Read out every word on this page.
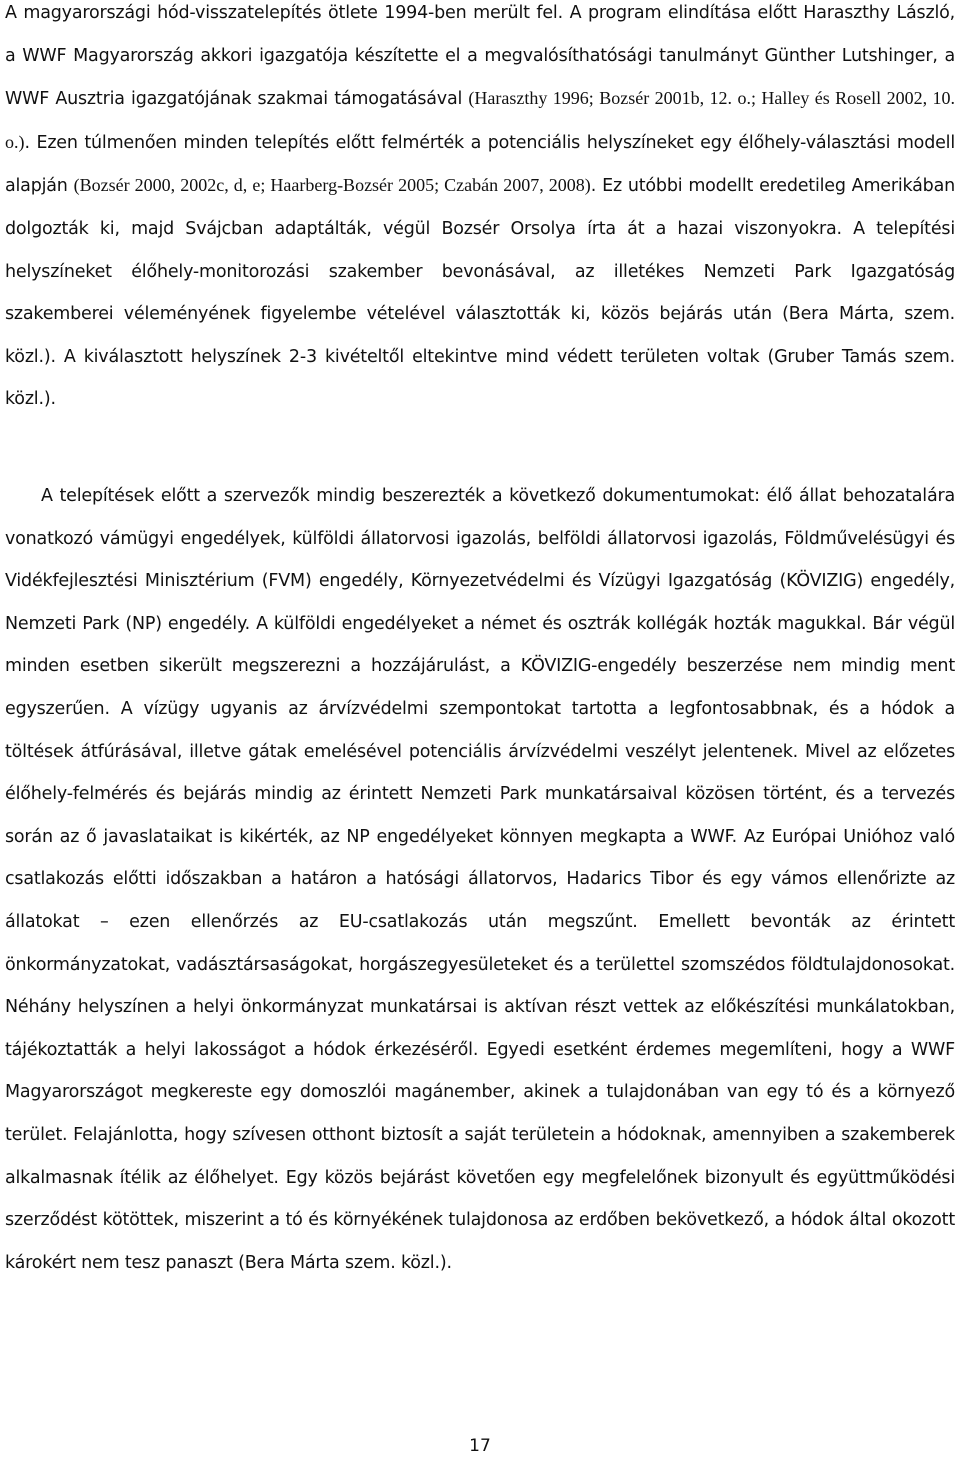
A magyarországi hód-visszatelepítés ötlete 1994-ben merült fel. A program elindítása előtt Haraszthy László, a WWF Magyarország akkori igazgatója készítette el a megvalósíthatósági tanulmányt Günther Lutshinger, a WWF Ausztria igazgatójának szakmai támogatásával (Haraszthy 1996; Bozsér 2001b, 12. o.; Halley és Rosell 2002, 10. o.). Ezen túlmenően minden telepítés előtt felmérték a potenciális helyszíneket egy élőhely-választási modell alapján (Bozsér 2000, 2002c, d, e; Haarberg-Bozsér 2005; Czabán 2007, 2008). Ez utóbbi modellt eredetileg Amerikában dolgozták ki, majd Svájcban adaptálták, végül Bozsér Orsolya írta át a hazai viszonyokra. A telepítési helyszíneket élőhely-monitorozási szakember bevonásával, az illetékes Nemzeti Park Igazgatóság szakemberei véleményének figyelembe vételével választották ki, közös bejárás után (Bera Márta, szem. közl.). A kiválasztott helyszínek 2-3 kivételtől eltekintve mind védett területen voltak (Gruber Tamás szem. közl.).

A telepítések előtt a szervezők mindig beszerezték a következő dokumentumokat: élő állat behozatalára vonatkozó vámügyi engedélyek, külföldi állatorvosi igazolás, belföldi állatorvosi igazolás, Földművelésügyi és Vidékfejlesztési Minisztérium (FVM) engedély, Környezetvédelmi és Vízügyi Igazgatóság (KÖVIZIG) engedély, Nemzeti Park (NP) engedély. A külföldi engedélyeket a német és osztrák kollégák hozták magukkal. Bár végül minden esetben sikerült megszerezni a hozzájárulást, a KÖVIZIG-engedély beszerzése nem mindig ment egyszerűen. A vízügy ugyanis az árvízvédelmi szempontokat tartotta a legfontosabbnak, és a hódok a töltések átfúrásával, illetve gátak emelésével potenciális árvízvédelmi veszélyt jelentenek. Mivel az előzetes élőhely-felmérés és bejárás mindig az érintett Nemzeti Park munkatársaival közösen történt, és a tervezés során az ő javaslataikat is kikérték, az NP engedélyeket könnyen megkapta a WWF. Az Európai Unióhoz való csatlakozás előtti időszakban a határon a hatósági állatorvos, Hadarics Tibor és egy vámos ellenőrizte az állatokat – ezen ellenőrzés az EU-csatlakozás után megszűnt. Emellett bevonták az érintett önkormányzatokat, vadásztársaságokat, horgászegyesületeket és a területtel szomszédos földtulajdonosokat. Néhány helyszínen a helyi önkormányzat munkatársai is aktívan részt vettek az előkészítési munkálatokban, tájékoztatták a helyi lakosságot a hódok érkezéséről. Egyedi esetként érdemes megemlíteni, hogy a WWF Magyarországot megkereste egy domoszlói magánember, akinek a tulajdonában van egy tó és a környező terület. Felajánlotta, hogy szívesen otthont biztosít a saját területein a hódoknak, amennyiben a szakemberek alkalmasnak ítélik az élőhelyet. Egy közös bejárást követően egy megfelelőnek bizonyult és együttműködési szerződést kötöttek, miszerint a tó és környékének tulajdonosa az erdőben bekövetkező, a hódok által okozott károkért nem tesz panaszt (Bera Márta szem. közl.).

17
